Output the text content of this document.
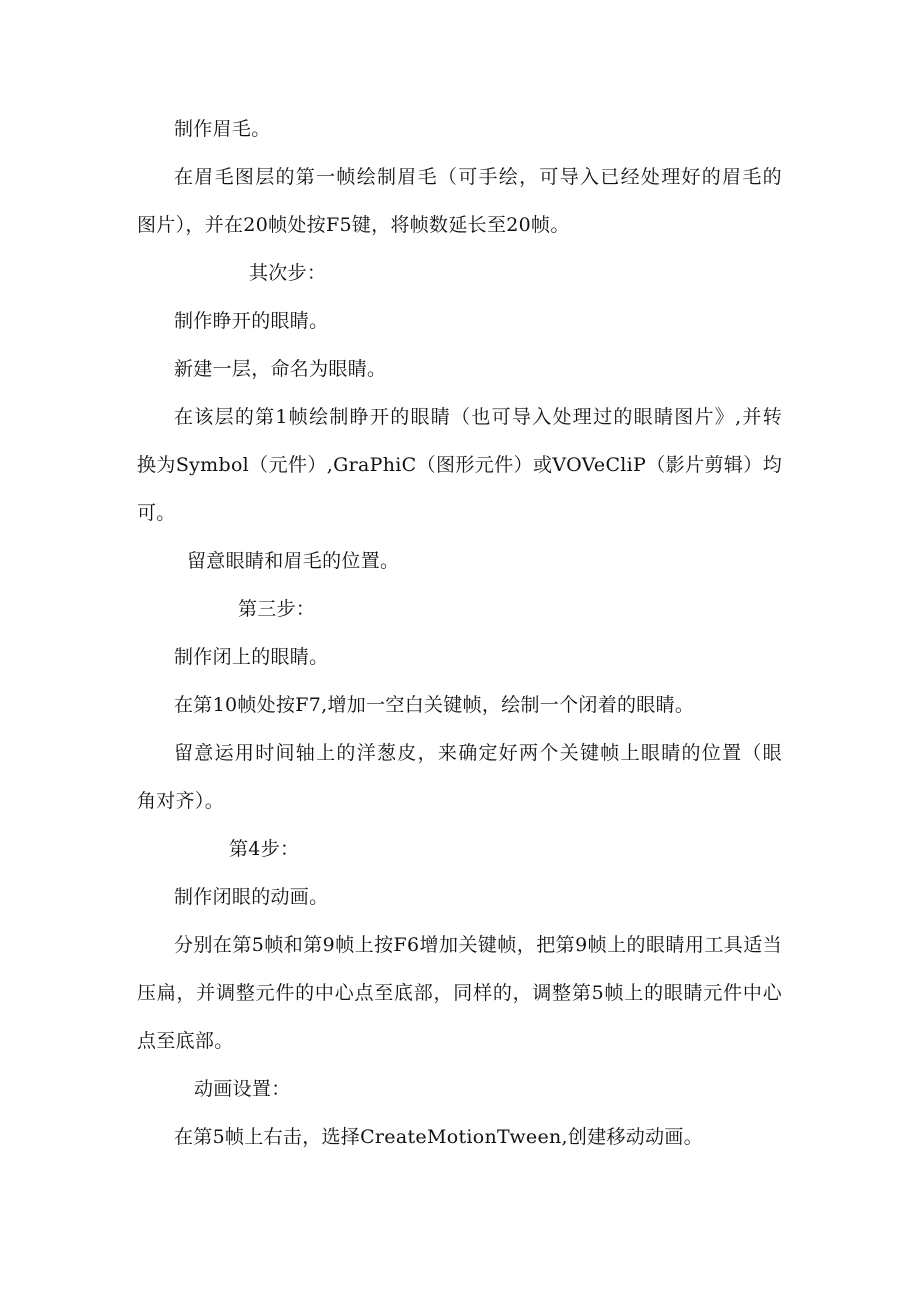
制作眉毛。
在眉毛图层的第一帧绘制眉毛（可手绘，可导入已经处理好的眉毛的
图片），并在20帧处按F5键，将帧数延长至20帧。
其次步：
制作睁开的眼睛。
新建一层，命名为眼睛。
在该层的第1帧绘制睁开的眼睛（也可导入处理过的眼睛图片》,并转
换为Symbol（元件）,GraPhiC（图形元件）或VOVeCliP（影片剪辑）均
可。
留意眼睛和眉毛的位置。
第三步：
制作闭上的眼睛。
在第10帧处按F7,增加一空白关键帧，绘制一个闭着的眼睛。
留意运用时间轴上的洋葱皮，来确定好两个关键帧上眼睛的位置（眼
角对齐）。
第4步：
制作闭眼的动画。
分别在第5帧和第9帧上按F6增加关键帧，把第9帧上的眼睛用工具适当
压扁，并调整元件的中心点至底部，同样的，调整第5帧上的眼睛元件中心
点至底部。
动画设置：
在第5帧上右击，选择CreateMotionTween,创建移动动画。
